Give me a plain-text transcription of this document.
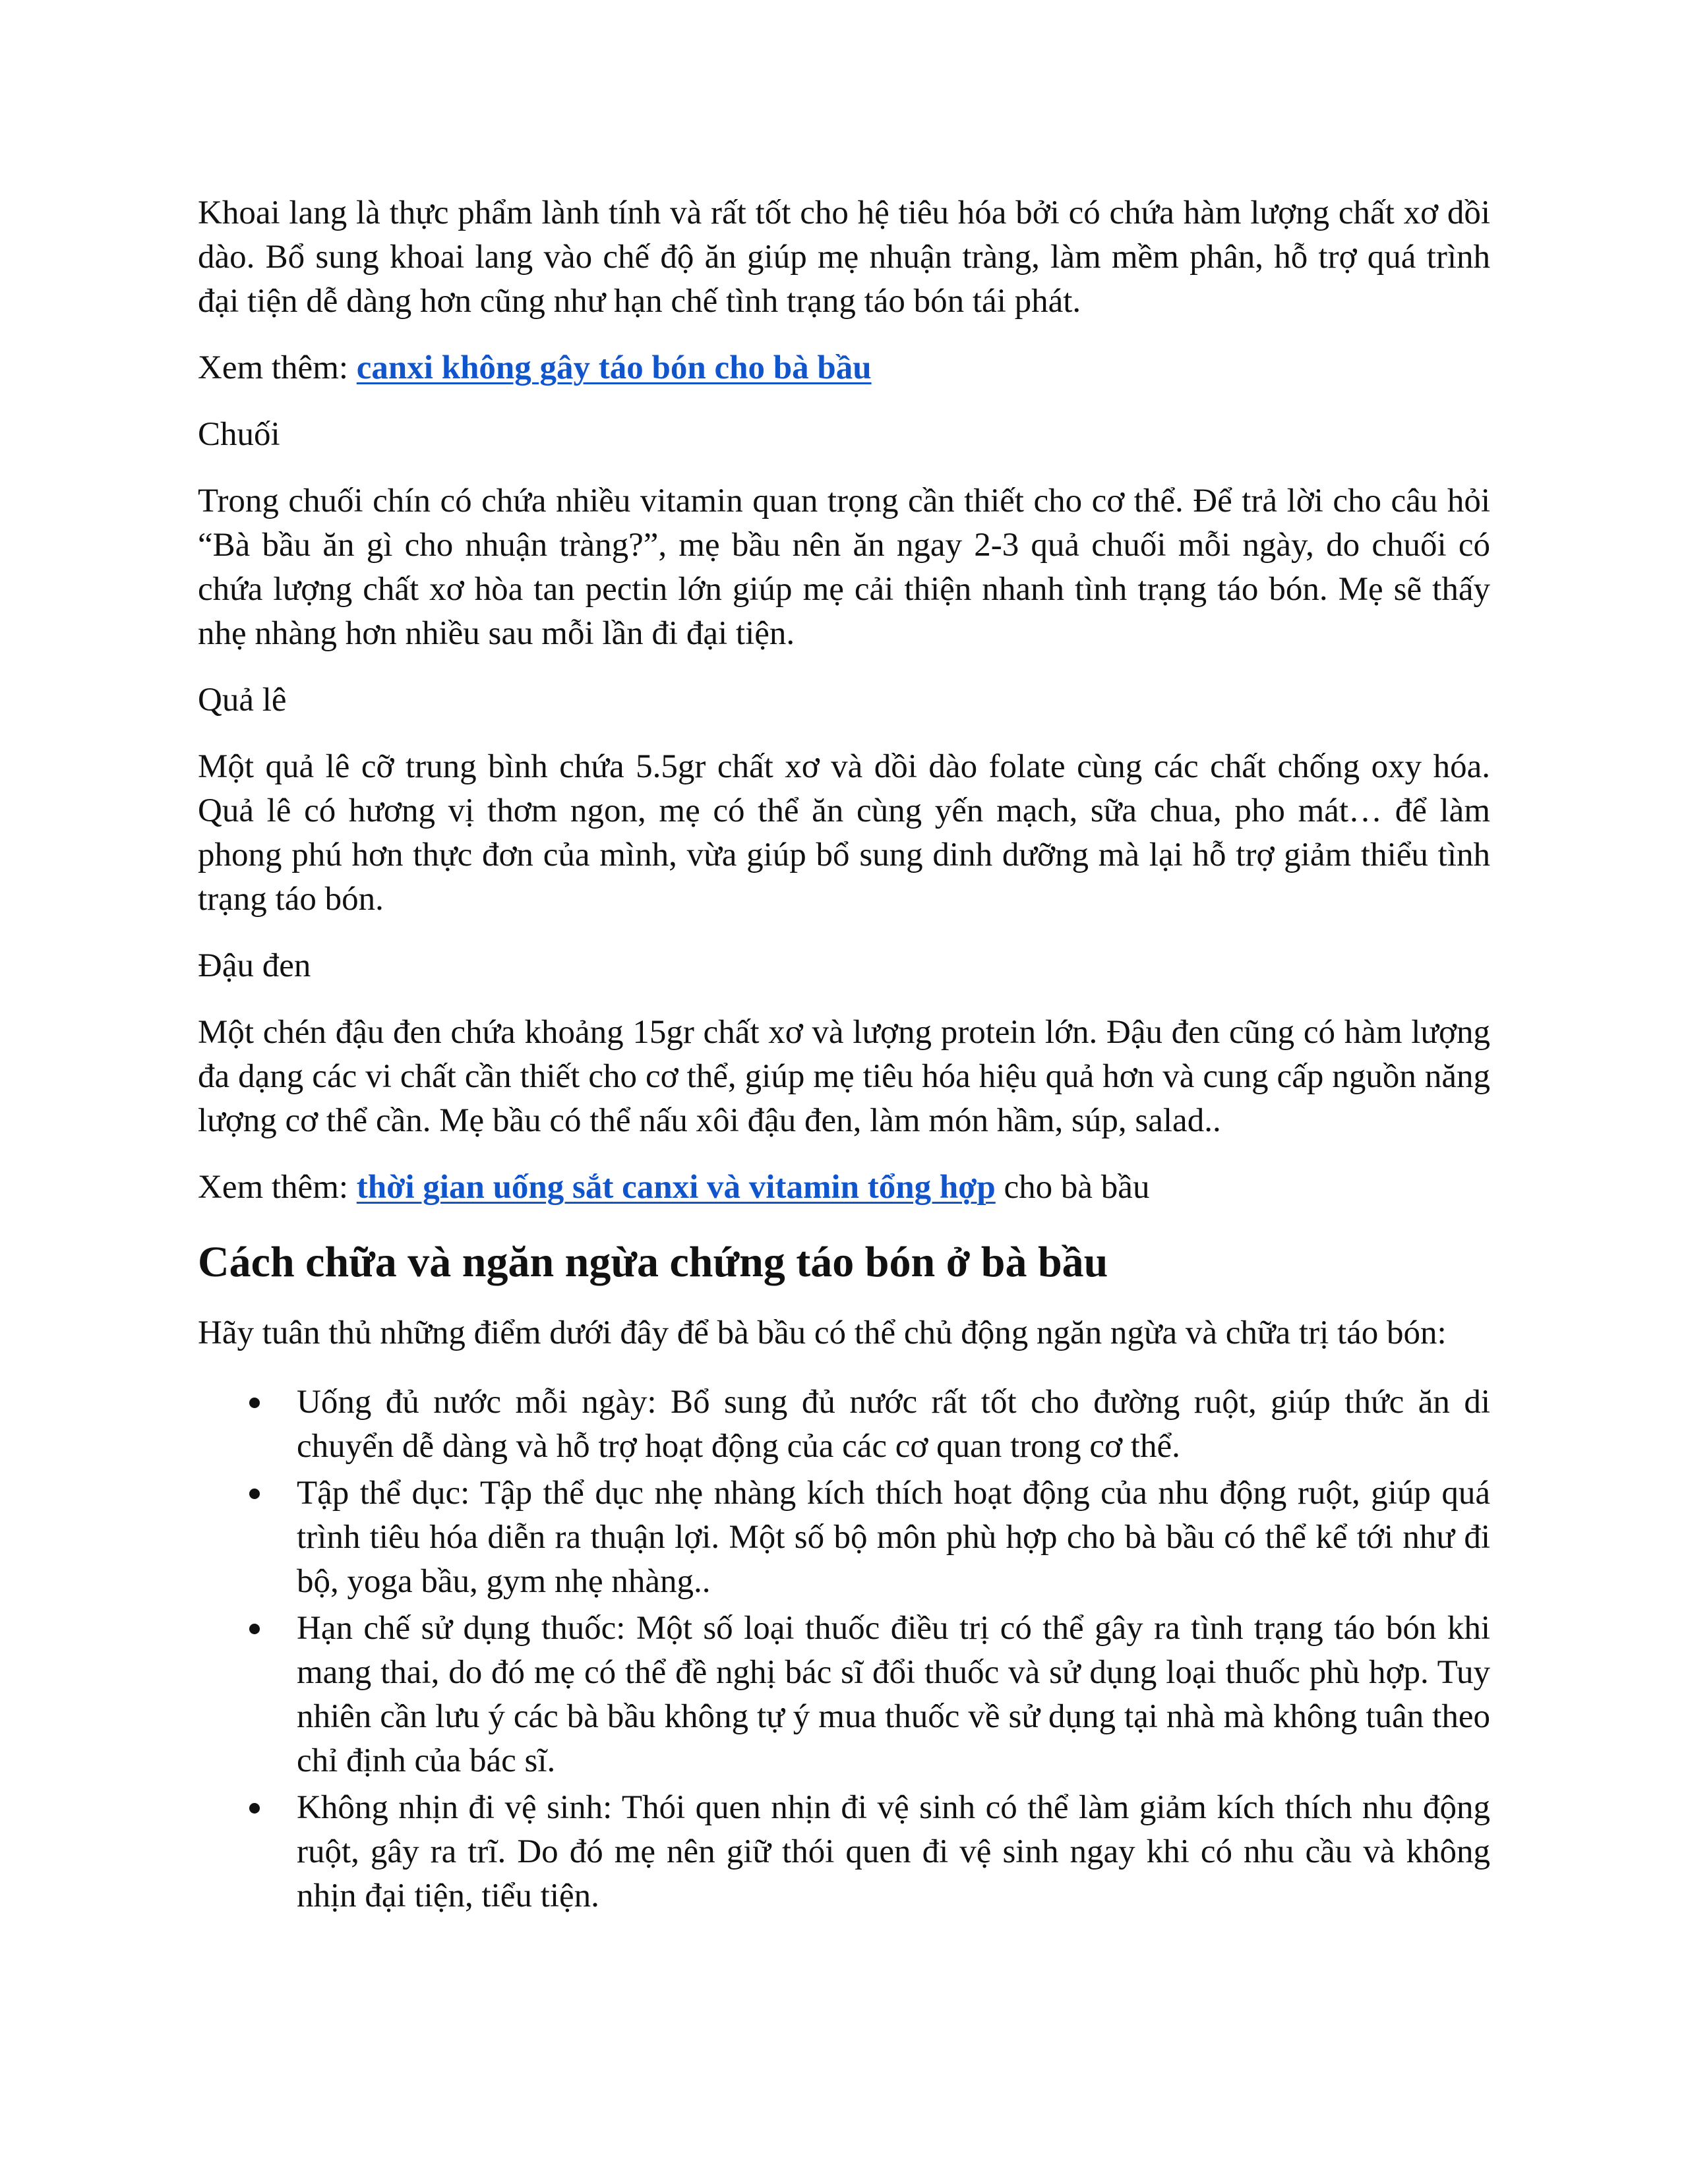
Khoai lang là thực phẩm lành tính và rất tốt cho hệ tiêu hóa bởi có chứa hàm lượng chất xơ dồi dào. Bổ sung khoai lang vào chế độ ăn giúp mẹ nhuận tràng, làm mềm phân, hỗ trợ quá trình đại tiện dễ dàng hơn cũng như hạn chế tình trạng táo bón tái phát.

Xem thêm: canxi không gây táo bón cho bà bầu

Chuối

Trong chuối chín có chứa nhiều vitamin quan trọng cần thiết cho cơ thể. Để trả lời cho câu hỏi “Bà bầu ăn gì cho nhuận tràng?”, mẹ bầu nên ăn ngay 2-3 quả chuối mỗi ngày, do chuối có chứa lượng chất xơ hòa tan pectin lớn giúp mẹ cải thiện nhanh tình trạng táo bón. Mẹ sẽ thấy nhẹ nhàng hơn nhiều sau mỗi lần đi đại tiện.

Quả lê

Một quả lê cỡ trung bình chứa 5.5gr chất xơ và dồi dào folate cùng các chất chống oxy hóa. Quả lê có hương vị thơm ngon, mẹ có thể ăn cùng yến mạch, sữa chua, pho mát… để làm phong phú hơn thực đơn của mình, vừa giúp bổ sung dinh dưỡng mà lại hỗ trợ giảm thiểu tình trạng táo bón.

Đậu đen

Một chén đậu đen chứa khoảng 15gr chất xơ và lượng protein lớn. Đậu đen cũng có hàm lượng đa dạng các vi chất cần thiết cho cơ thể, giúp mẹ tiêu hóa hiệu quả hơn và cung cấp nguồn năng lượng cơ thể cần. Mẹ bầu có thể nấu xôi đậu đen, làm món hầm, súp, salad..

Xem thêm: thời gian uống sắt canxi và vitamin tổng hợp cho bà bầu

Cách chữa và ngăn ngừa chứng táo bón ở bà bầu

Hãy tuân thủ những điểm dưới đây để bà bầu có thể chủ động ngăn ngừa và chữa trị táo bón:

Uống đủ nước mỗi ngày: Bổ sung đủ nước rất tốt cho đường ruột, giúp thức ăn di chuyển dễ dàng và hỗ trợ hoạt động của các cơ quan trong cơ thể.
Tập thể dục: Tập thể dục nhẹ nhàng kích thích hoạt động của nhu động ruột, giúp quá trình tiêu hóa diễn ra thuận lợi. Một số bộ môn phù hợp cho bà bầu có thể kể tới như đi bộ, yoga bầu, gym nhẹ nhàng..
Hạn chế sử dụng thuốc: Một số loại thuốc điều trị có thể gây ra tình trạng táo bón khi mang thai, do đó mẹ có thể đề nghị bác sĩ đổi thuốc và sử dụng loại thuốc phù hợp. Tuy nhiên cần lưu ý các bà bầu không tự ý mua thuốc về sử dụng tại nhà mà không tuân theo chỉ định của bác sĩ.
Không nhịn đi vệ sinh: Thói quen nhịn đi vệ sinh có thể làm giảm kích thích nhu động ruột, gây ra trĩ. Do đó mẹ nên giữ thói quen đi vệ sinh ngay khi có nhu cầu và không nhịn đại tiện, tiểu tiện.
